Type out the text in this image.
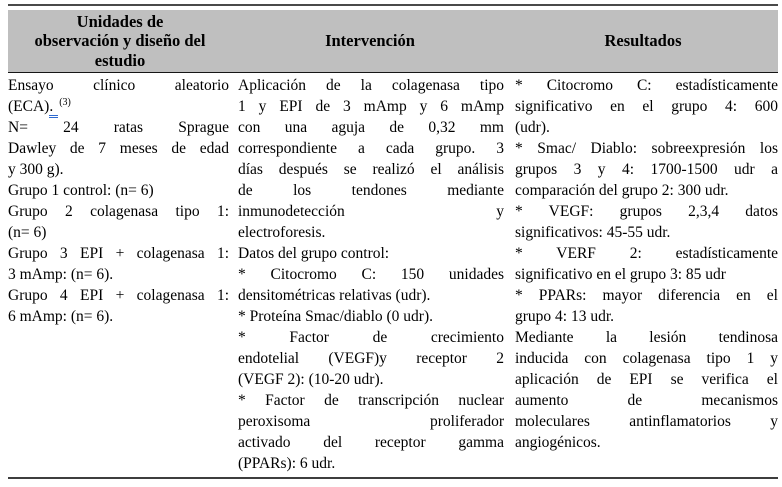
Unidades de observación y diseño del estudio
Intervención	Resultados
Ensayo clínico aleatorio
(ECA). $^{(3)}$
N= 24 ratas Sprague
Dawley de 7 meses de edad
y 300 g).
Grupo 1 control: (n= 6)
Grupo 2 colagenasa tipo 1:
(n= 6)
Grupo 3 EPI + colagenasa 1:
3 mAmp: (n= 6).
Grupo 4 EPI + colagenasa 1:
6 mAmp: (n= 6).
Aplicación de la colagenasa tipo
1 y EPI de 3 mAmp y 6 mAmp
con una aguja de 0,32 mm
correspondiente a cada grupo. 3
días después se realizó el análisis
de los tendones mediante
inmunodetección y
electroforesis.
Datos del grupo control:
* Citocromo C: 150 unidades
densitométricas relativas (udr).
* Proteína Smac/diablo (0 udr).
* Factor de crecimiento
endotelial (VEGF)y receptor 2
(VEGF 2): (10-20 udr).
* Factor de transcripción nuclear
peroxisoma proliferador
activado del receptor gamma
(PPARs): 6 udr.
* Citocromo C: estadísticamente
significativo en el grupo 4: 600
(udr).
* Smac/ Diablo: sobreexpresión los
grupos 3 y 4: 1700-1500 udr a
comparación del grupo 2: 300 udr.
* VEGF: grupos 2,3,4 datos
significativos: 45-55 udr.
* VERF 2: estadísticamente
significativo en el grupo 3: 85 udr
* PPARs: mayor diferencia en el
grupo 4: 13 udr.
Mediante la lesión tendinosa
inducida con colagenasa tipo 1 y
aplicación de EPI se verifica el
aumento de mecanismos
moleculares antinflamatorios y
angiogénicos.
